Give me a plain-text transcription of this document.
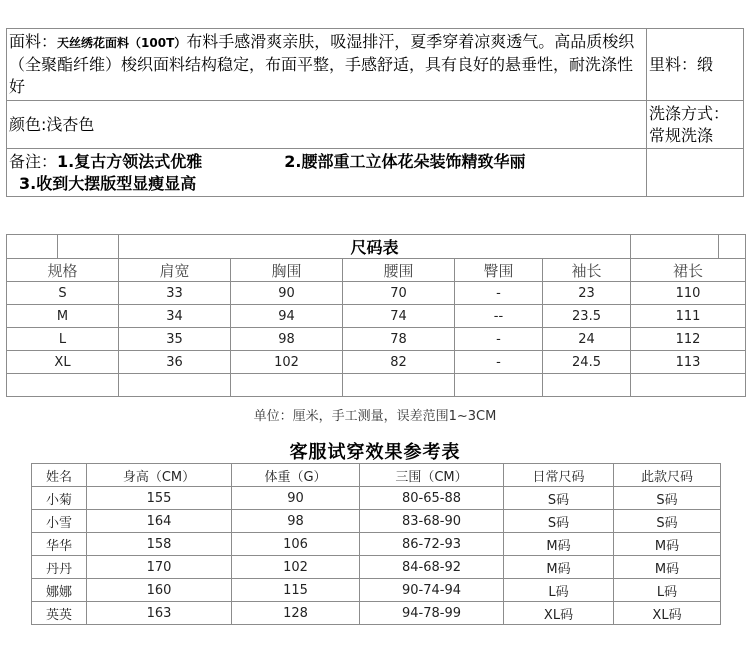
面料：天丝绣花面料（100T）布料手感滑爽亲肤，吸湿排汗，夏季穿着凉爽透气。高品质梭织（全聚酯纤维）梭织面料结构稳定，布面平整，手感舒适，具有良好的悬垂性，耐洗涤性好	里料：缎
颜色:浅杏色	洗涤方式：
常规洗涤

备注：1.复古方领法式优雅 2.腰部重工立体花朵装饰精致华丽
3.收到大摆版型显瘦显高	

		尺码表						
规格		肩宽	胸围	腰围	臀围	袖长	裙长	
S		33	90	70	-	23	110	
M		34	94	74	--	23.5	111	
L		35	98	78	-	24	112	
XL		36	102	82	-	24.5	113	

单位：厘米，手工测量，误差范围1~3CM
客服试穿效果参考表
姓名	身高（CM）	体重（G）	三围（CM）	日常尺码	此款尺码
小菊	155	90	80-65-88	S码	S码
小雪	164	98	83-68-90	S码	S码
华华	158	106	86-72-93	M码	M码
丹丹	170	102	84-68-92	M码	M码
娜娜	160	115	90-74-94	L码	L码
英英	163	128	94-78-99	XL码	XL码
